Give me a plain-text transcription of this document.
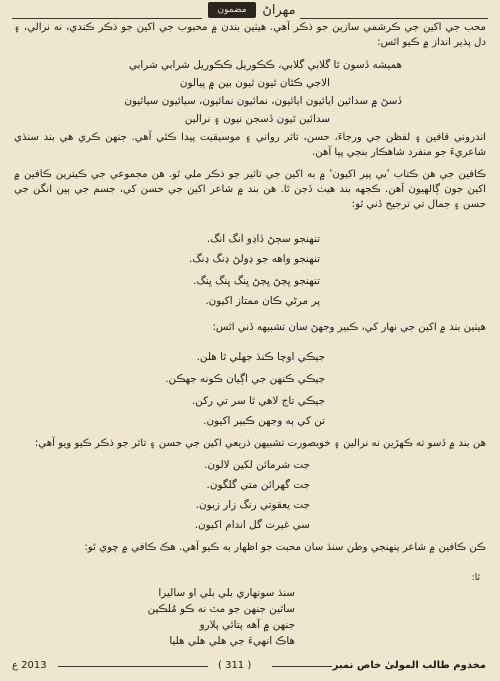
مضمون	مهراڻ
محب جي اکين جي ڪرشمي سازين جو ذڪر آهي. هيٺين بندن ۾ محبوب جي اکين جو ذڪر ڪندي، نه نرالي، ۽ دل پذير انداز ۾ ڪيو اٿس:
هميشه ڏسون ٿا گلابي گلابي، ڪڪوريل ڪڪوريل شرابي شرابي
الاجي ڪٿان ٿيون ٿيون بين ۾ پيالون
ڏسڻ ۾ سدائين ايائيون ايائيون، نمائيون نمائيون، سيائيون سيائيون
سدائين ٿيون ڏسجن نيون ۽ نرالين
اندروني قافين ۽ لفظن جي ورجاءَ، حسن، تاثر رواني ۽ موسيقيت پيدا ڪئي آهي. جنهن ڪري هي بند سنڌي شاعريءَ جو منفرد شاهڪار بنجي پيا آهن.
ڪافين جي هن ڪتاب 'بي پير اکيون' ۾ به اکين جي تاثير جو ذڪر ملي ٿو. هن مجموعي جي ڪيترين ڪافين ۾ اکين جون ڳالهيون آهن. ڪجهه بند هيٺ ڏجن ٿا. هن بند ۾ شاعر اکين جي حسن کي، جسم جي ٻين انگن جي حسن ۽ جمال تي ترجيح ڏني ٿو:
تنهنجو سڄڻ ڏاڍو انگ انگ.
تنهنجو واهه جو ڍولڻ ڍنگ ڍنگ.
تنهنجو ڀڄڻ ڀڄڻ ڀنگ ڀنگ ڀنگ.
پر مرڻي ڪان ممتاز اکيون.
هيٺين بند ۾ اکين جي نهار کي، ڪبير وجهڻ سان تشبيهه ڏني اٿس:
جيڪي اوچا ڪنڌ جهلي ٿا هلن.
جيڪي ڪنهن جي اڳيان ڪونه جهڪن.
جيڪي تاج لاهي ٿا سر تي رکن.
تن کي ٻه وجهن ڪبير اکيون.
هن بند ۾ ڏسو ته ڪهڙين نه نرالين ۽ خوبصورت تشبيهن ذريعي اکين جي حسن ۽ تاثر جو ذڪر ڪيو ويو آهي:
جت شرمائن لکين لالون.
جت گهرائن متي گلگون.
جت يعقوتي رنگ زار زبون.
سي غيرت گل اندام اکيون.
ڪن ڪافين ۾ شاعر پنهنجي وطن سنڌ سان محبت جو اظهار به ڪيو آهي. هڪ ڪافي ۾ چوي ٿو:
ٿا:
سنڌ سونهاري بلي بلي او ساليرا
ساٿين جنهن جو مٽ نه ڪو مُلڪين
جنهن ۾ آهه پتائي پلارو
هاڪ انهيءَ جي هلي هلي هليا
2013 ع	( 311 )	مخدوم طالب المولىٰ خاص نمبر
